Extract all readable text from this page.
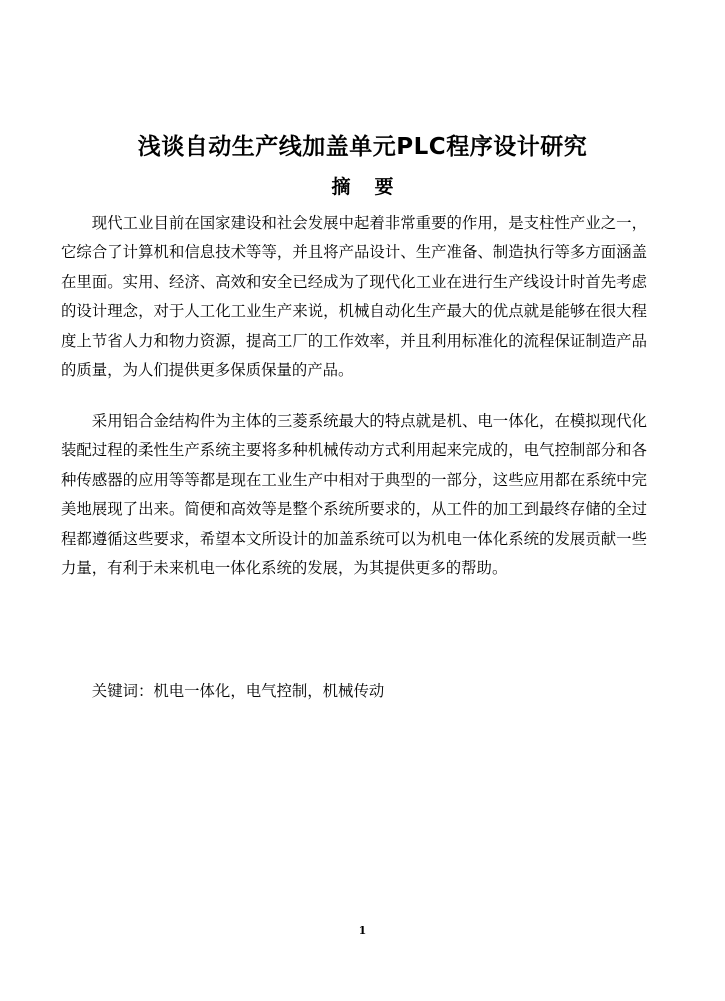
浅谈自动生产线加盖单元PLC程序设计研究
摘要

现代工业目前在国家建设和社会发展中起着非常重要的作用，是支柱性产业之一，它综合了计算机和信息技术等等，并且将产品设计、生产准备、制造执行等多方面涵盖在里面。实用、经济、高效和安全已经成为了现代化工业在进行生产线设计时首先考虑的设计理念，对于人工化工业生产来说，机械自动化生产最大的优点就是能够在很大程度上节省人力和物力资源，提高工厂的工作效率，并且利用标准化的流程保证制造产品的质量，为人们提供更多保质保量的产品。

采用铝合金结构件为主体的三菱系统最大的特点就是机、电一体化，在模拟现代化装配过程的柔性生产系统主要将多种机械传动方式利用起来完成的，电气控制部分和各种传感器的应用等等都是现在工业生产中相对于典型的一部分，这些应用都在系统中完美地展现了出来。简便和高效等是整个系统所要求的，从工件的加工到最终存储的全过程都遵循这些要求，希望本文所设计的加盖系统可以为机电一体化系统的发展贡献一些力量，有利于未来机电一体化系统的发展，为其提供更多的帮助。

关键词：机电一体化，电气控制，机械传动

1
